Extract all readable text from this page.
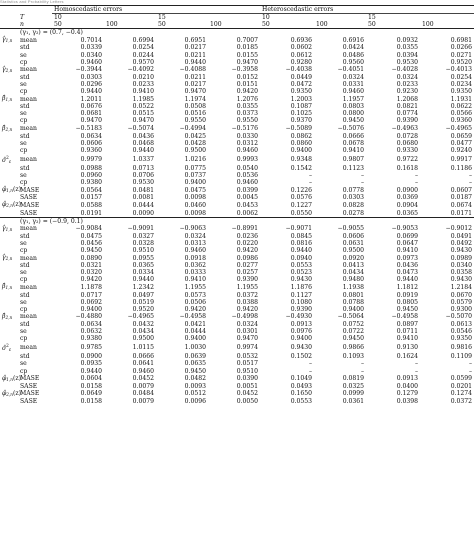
Statistics and Probability Letters
		Homoscedastic errors				Heteroscedastic errors			
	T	10		15		10		15	
	n	50	100	50	100	50	100	50	100
	(γ₁, γ₂) = (0.7, −0.4)								
$\gammâ_{1,n}$	mean	0.7014	0.6994	0.6951	0.7007	0.6936	0.6916	0.0932	0.6981
	std	0.0339	0.0254	0.0217	0.0185	0.0602	0.0424	0.0355	0.0266
	se	0.0340	0.0244	0.0211	0.0155	0.0612	0.0486	0.0394	0.0271
	cp	0.9460	0.9570	0.9440	0.9470	0.9280	0.9560	0.9530	0.9520
$\gammâ_{2,n}$	mean	−0.3944	−0.4092	−0.4088	−0.3958	−0.4038	−0.4051	−0.4028	−0.4013
	std	0.0303	0.0210	0.0211	0.0152	0.0449	0.0324	0.0324	0.0254
	se	0.0296	0.0233	0.0217	0.0151	0.0472	0.0331	0.0233	0.0234
	cp	0.9440	0.9410	0.9470	0.9420	0.9350	0.9460	0.9230	0.9350
$\betâ_{1,n}$	mean	1.2011	1.1985	1.1974	1.2076	1.2003	1.1957	1.2068	1.1931
	std	0.0676	0.0522	0.0508	0.0355	0.1087	0.0803	0.0821	0.0622
	se	0.0681	0.0515	0.0516	0.0373	0.1025	0.0800	0.0774	0.0566
	cp	0.9470	0.9470	0.9550	0.9550	0.9370	0.9450	0.9390	0.9360
$\betâ_{2,n}$	mean	−0.5183	−0.5074	−0.4994	−0.5176	−0.5089	−0.5076	−0.4963	−0.4965
	std	0.0634	0.0436	0.0425	0.0330	0.0862	0.0666	0.0728	0.0659
	se	0.0606	0.0468	0.0428	0.0312	0.0860	0.0678	0.0680	0.0477
	cp	0.9360	0.9440	0.9500	0.9460	0.9400	0.9410	0.9330	0.9240
σ̂$^2_\varepsilon$	mean	0.9979	1.0337	1.0216	0.9993	0.9348	0.9807	0.9722	0.9917
	std	0.0988	0.0713	0.0775	0.0540	0.1542	0.1123	0.1618	0.1186
	se	0.0960	0.0706	0.0737	0.0536	–	–	–	–
	cp	0.9380	0.9530	0.9400	0.9460	–	–	–	–
$\varphî_{1,n}(z)$	MASE	0.0564	0.0481	0.0475	0.0399	0.1226	0.0778	0.0900	0.0607
	SASE	0.0157	0.0081	0.0098	0.0045	0.0576	0.0303	0.0369	0.0187
$\varphî_{2,n}(z)$	MASE	0.0588	0.0444	0.0460	0.0453	0.1227	0.0828	0.0904	0.0674
	SASE	0.0191	0.0090	0.0098	0.0062	0.0550	0.0278	0.0365	0.0171
	(γ₁, γ₂) = (−0.9, 0.1)								
$\gammâ_{1,n}$	mean	−0.9084	−0.9091	−0.9063	−0.8991	−0.9071	−0.9055	−0.9053	−0.9012
	std	0.0475	0.0327	0.0324	0.0236	0.0845	0.0606	0.0699	0.0491
	se	0.0456	0.0328	0.0313	0.0220	0.0816	0.0631	0.0647	0.0492
	cp	0.9450	0.9510	0.9460	0.9420	0.9440	0.9500	0.9410	0.9430
$\gammâ_{2,n}$	mean	0.0890	0.0955	0.0918	0.0986	0.0940	0.0920	0.0973	0.0989
	std	0.0321	0.0365	0.0362	0.0277	0.0553	0.0413	0.0436	0.0340
	se	0.0320	0.0334	0.0333	0.0257	0.0523	0.0434	0.0473	0.0358
	cp	0.9420	0.9440	0.9410	0.9390	0.9430	0.9480	0.9440	0.9430
$\betâ_{1,n}$	mean	1.1878	1.2342	1.1955	1.1955	1.1876	1.1938	1.1812	1.2184
	std	0.0717	0.0497	0.0573	0.0372	0.1127	0.0801	0.0919	0.0670
	se	0.0692	0.0519	0.0506	0.0388	0.1080	0.0788	0.0805	0.0579
	cp	0.9400	0.9520	0.9420	0.9420	0.9390	0.9400	0.9450	0.9300
$\betâ_{2,n}$	mean	−0.4880	−0.4965	−0.4958	−0.4998	−0.4930	−0.5064	−0.4958	−0.5070
	std	0.0634	0.0432	0.0421	0.0324	0.0913	0.0752	0.0897	0.0613
	se	0.0632	0.0434	0.0444	0.0301	0.0976	0.0722	0.0711	0.0546
	cp	0.9380	0.9500	0.9400	0.9470	0.9400	0.9450	0.9410	0.9350
σ̂$^2_\varepsilon$	mean	0.9785	1.0115	1.0030	0.9974	0.9430	0.9866	0.9130	0.9816
	std	0.0900	0.0666	0.0639	0.0532	0.1502	0.1093	0.1624	0.1109
	se	0.0935	0.0641	0.0635	0.0517	–	–	–	–
	cp	0.9440	0.9460	0.9450	0.9510	–	–	–	–
$\varphî_{1,n}(z)$	MASE	0.0604	0.0452	0.0482	0.0390	0.1049	0.0819	0.0913	0.0599
	SASE	0.0158	0.0079	0.0093	0.0051	0.0493	0.0325	0.0400	0.0201
$\varphî_{2,n}(z)$	MASE	0.0649	0.0484	0.0512	0.0452	0.1650	0.0999	0.1279	0.1274
	SASE	0.0158	0.0079	0.0096	0.0050	0.0553	0.0361	0.0398	0.0372
